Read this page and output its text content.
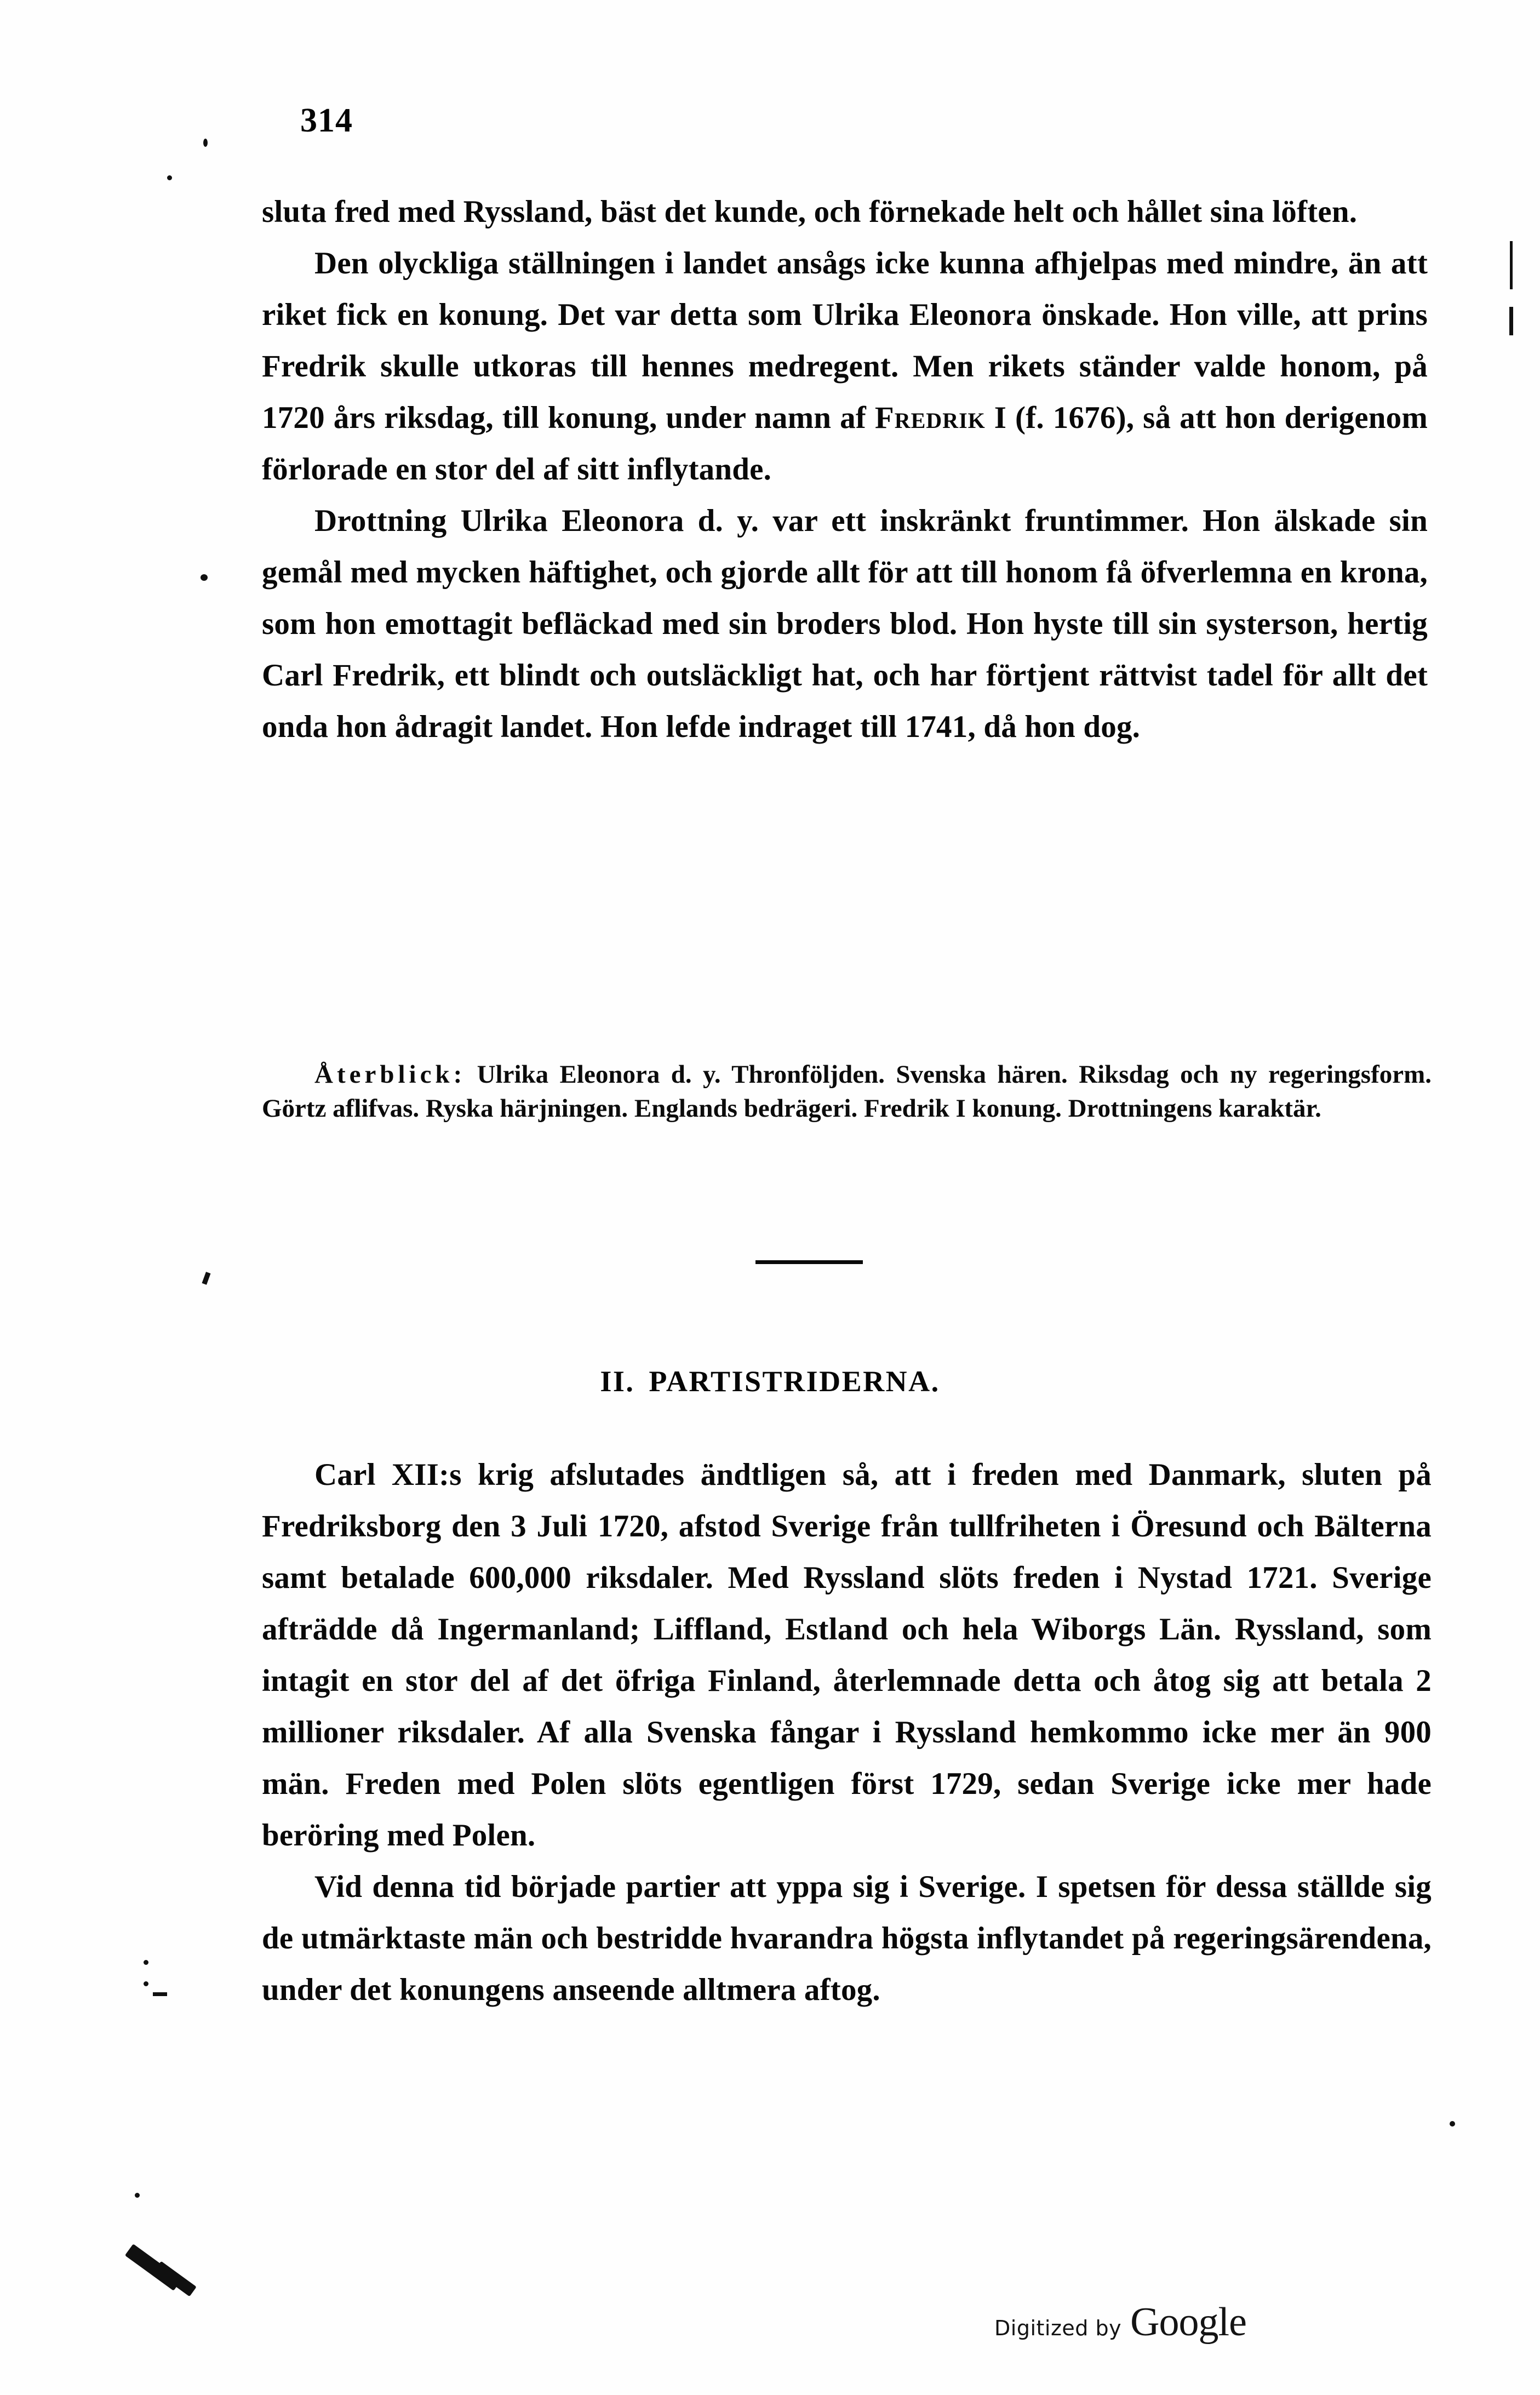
314

sluta fred med Ryssland, bäst det kunde, och förnekade helt och hållet sina löften.

Den olyckliga ställningen i landet ansågs icke kunna afhjelpas med mindre, än att riket fick en konung. Det var detta som Ulrika Eleonora önskade. Hon ville, att prins Fredrik skulle utkoras till hennes medregent. Men rikets ständer valde honom, på 1720 års riksdag, till konung, under namn af Fredrik I (f. 1676), så att hon derigenom förlorade en stor del af sitt inflytande.

Drottning Ulrika Eleonora d. y. var ett inskränkt fruntimmer. Hon älskade sin gemål med mycken häftighet, och gjorde allt för att till honom få öfverlemna en krona, som hon emottagit befläckad med sin broders blod. Hon hyste till sin systerson, hertig Carl Fredrik, ett blindt och outsläckligt hat, och har förtjent rättvist tadel för allt det onda hon ådragit landet. Hon lefde indraget till 1741, då hon dog.

Återblick: Ulrika Eleonora d. y. Thronföljden. Svenska hären. Riksdag och ny regeringsform. Görtz aflifvas. Ryska härjningen. Englands bedrägeri. Fredrik I konung. Drottningens karaktär.
II. PARTISTRIDERNA.

Carl XII:s krig afslutades ändtligen så, att i freden med Danmark, sluten på Fredriksborg den 3 Juli 1720, afstod Sverige från tullfriheten i Öresund och Bälterna samt betalade 600,000 riksdaler. Med Ryssland slöts freden i Nystad 1721. Sverige afträdde då Ingermanland; Liffland, Estland och hela Wiborgs Län. Ryssland, som intagit en stor del af det öfriga Finland, återlemnade detta och åtog sig att betala 2 millioner riksdaler. Af alla Svenska fångar i Ryssland hemkommo icke mer än 900 män. Freden med Polen slöts egentligen först 1729, sedan Sverige icke mer hade beröring med Polen.

Vid denna tid började partier att yppa sig i Sverige. I spetsen för dessa ställde sig de utmärktaste män och bestridde hvarandra högsta inflytandet på regeringsärendena, under det konungens anseende alltmera aftog.

Digitized by Google
